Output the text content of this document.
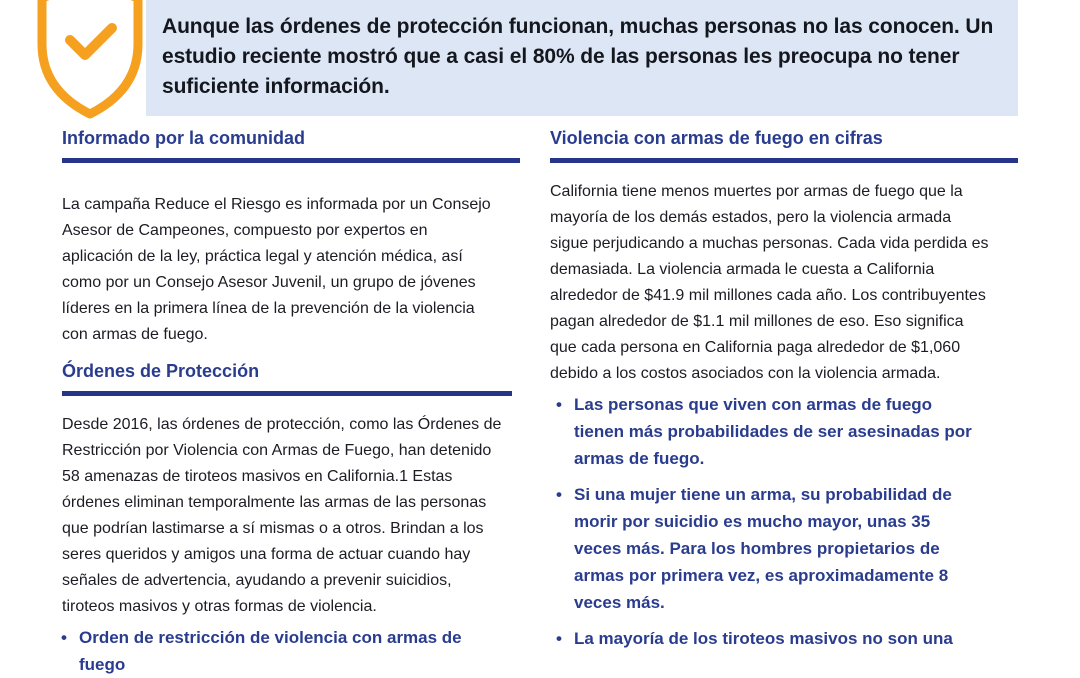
Aunque las órdenes de protección funcionan, muchas personas no las conocen. Un estudio reciente mostró que a casi el 80% de las personas les preocupa no tener suficiente información.

Informado por la comunidad

La campaña Reduce el Riesgo es informada por un Consejo Asesor de Campeones, compuesto por expertos en aplicación de la ley, práctica legal y atención médica, así como por un Consejo Asesor Juvenil, un grupo de jóvenes líderes en la primera línea de la prevención de la violencia con armas de fuego.

Órdenes de Protección

Desde 2016, las órdenes de protección, como las Órdenes de Restricción por Violencia con Armas de Fuego, han detenido 58 amenazas de tiroteos masivos en California.1 Estas órdenes eliminan temporalmente las armas de las personas que podrían lastimarse a sí mismas o a otros. Brindan a los seres queridos y amigos una forma de actuar cuando hay señales de advertencia, ayudando a prevenir suicidios, tiroteos masivos y otras formas de violencia.

• Orden de restricción de violencia con armas de fuego
Violencia con armas de fuego en cifras

California tiene menos muertes por armas de fuego que la mayoría de los demás estados, pero la violencia armada sigue perjudicando a muchas personas. Cada vida perdida es demasiada. La violencia armada le cuesta a California alrededor de $41.9 mil millones cada año. Los contribuyentes pagan alrededor de $1.1 mil millones de eso. Eso significa que cada persona en California paga alrededor de $1,060 debido a los costos asociados con la violencia armada.

• Las personas que viven con armas de fuego tienen más probabilidades de ser asesinadas por armas de fuego.
• Si una mujer tiene un arma, su probabilidad de morir por suicidio es mucho mayor, unas 35 veces más. Para los hombres propietarios de armas por primera vez, es aproximadamente 8 veces más.
• La mayoría de los tiroteos masivos no son una
